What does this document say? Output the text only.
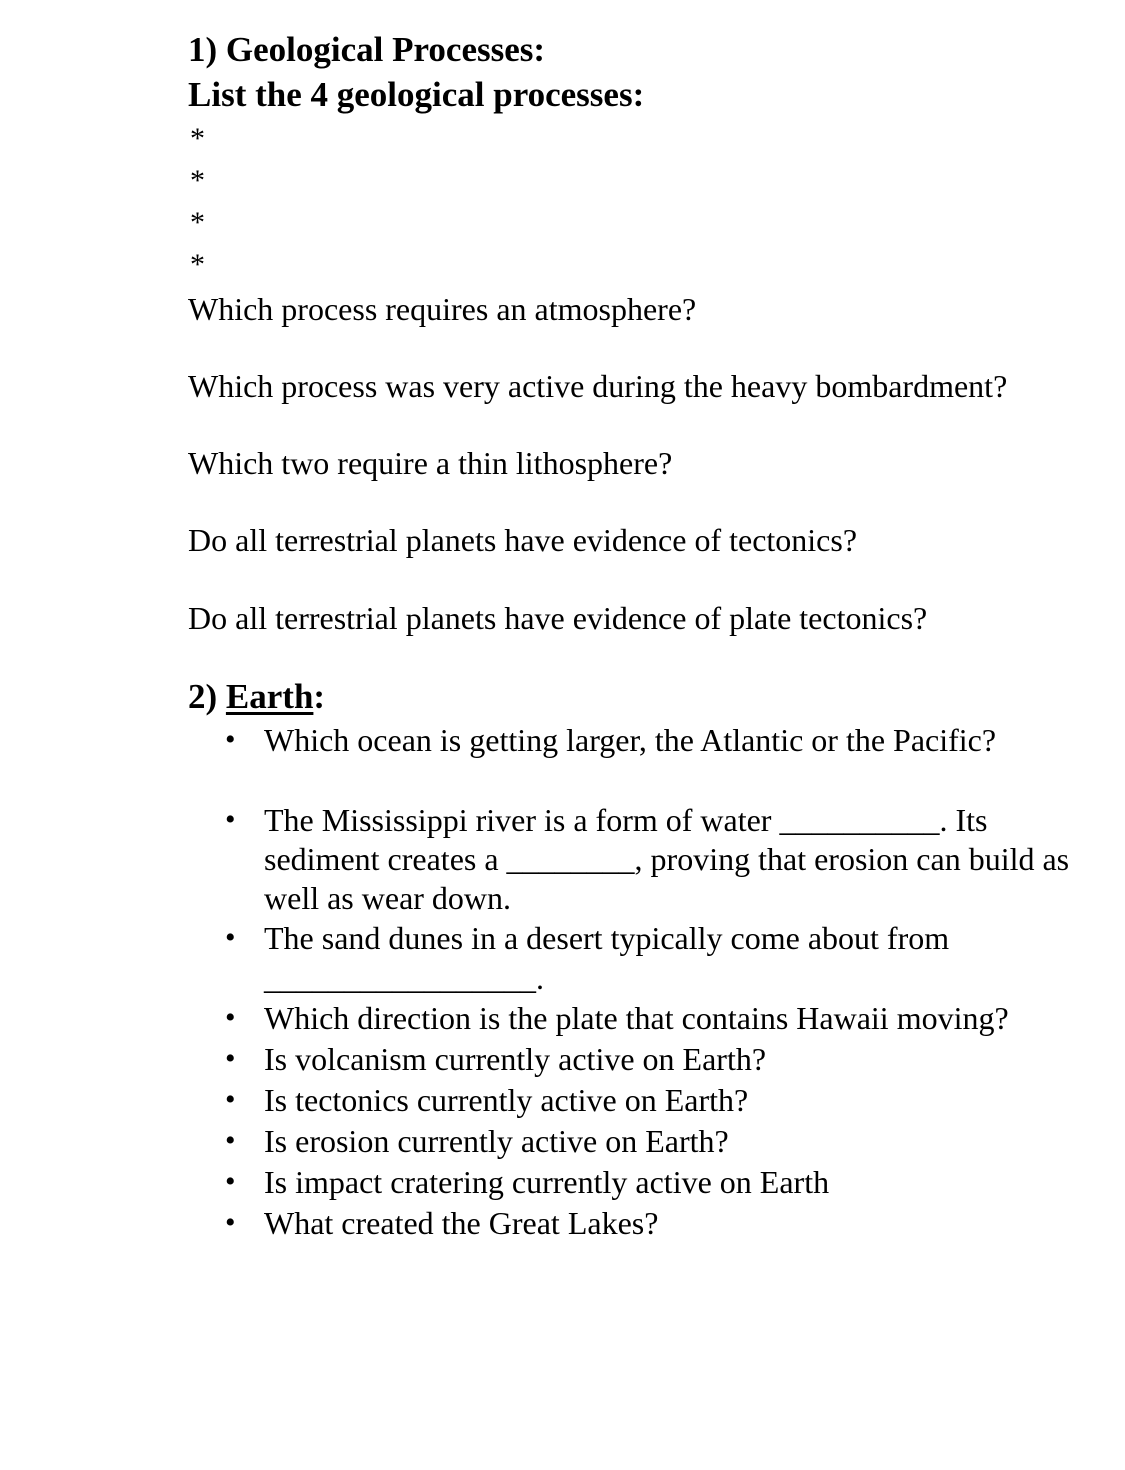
1) Geological Processes:
List the 4 geological processes:
*
*
*
*
Which process requires an atmosphere?
Which process was very active during the heavy bombardment?
Which two require a thin lithosphere?
Do all terrestrial planets have evidence of tectonics?
Do all terrestrial planets have evidence of plate tectonics?
2) Earth:
• Which ocean is getting larger, the Atlantic or the Pacific?
• The Mississippi river is a form of water __________. Its
sediment creates a ________, proving that erosion can build as
well as wear down.
• The sand dunes in a desert typically come about from
_________________.
• Which direction is the plate that contains Hawaii moving?
• Is volcanism currently active on Earth?
• Is tectonics currently active on Earth?
• Is erosion currently active on Earth?
• Is impact cratering currently active on Earth
• What created the Great Lakes?
